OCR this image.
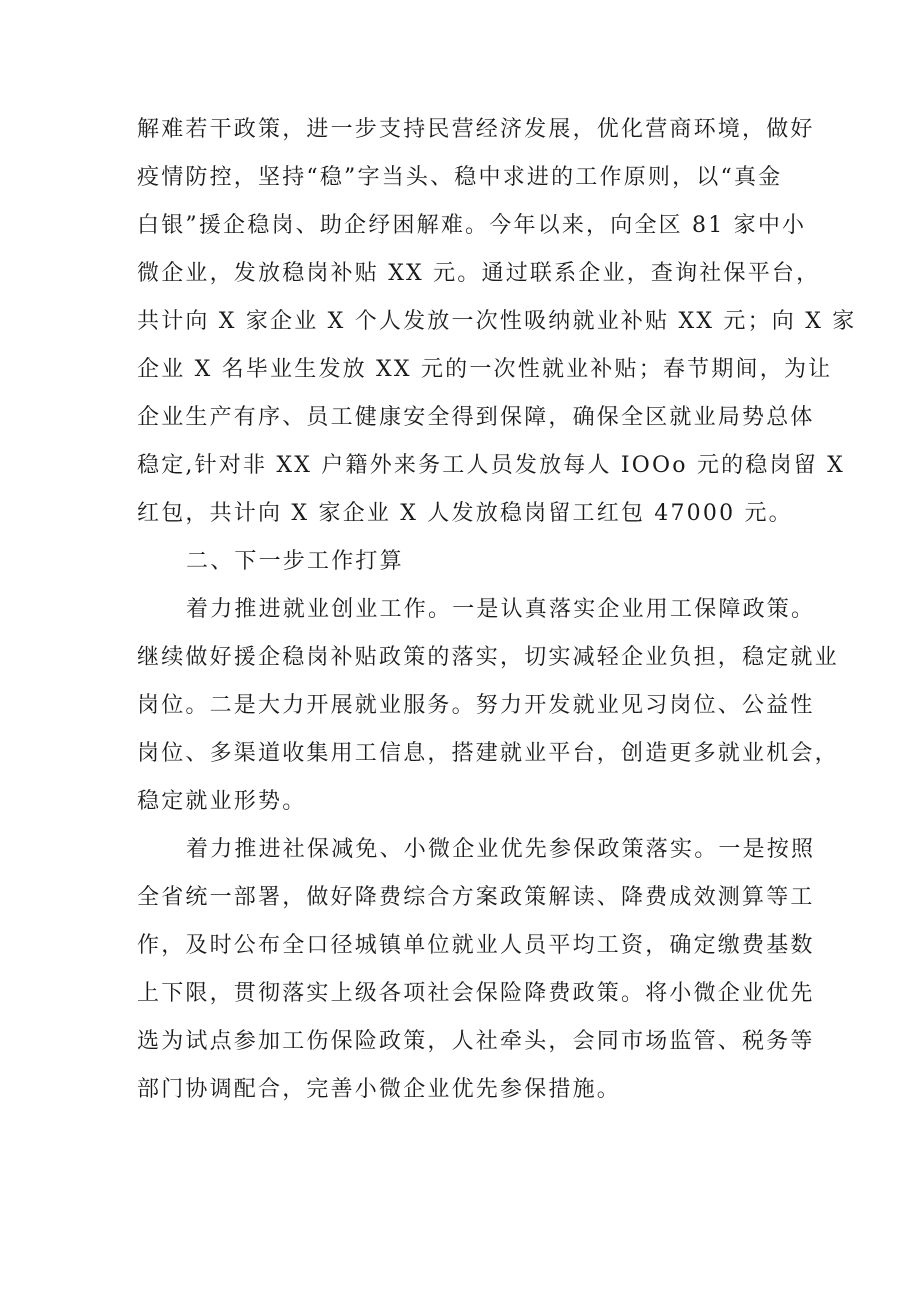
解难若干政策，进一步支持民营经济发展，优化营商环境，做好
疫情防控，坚持“稳”字当头、稳中求进的工作原则，以“真金
白银”援企稳岗、助企纾困解难。今年以来，向全区 81 家中小
微企业，发放稳岗补贴 XX 元。通过联系企业，查询社保平台，
共计向 X 家企业 X 个人发放一次性吸纳就业补贴 XX 元；向 X 家
企业 X 名毕业生发放 XX 元的一次性就业补贴；春节期间，为让
企业生产有序、员工健康安全得到保障，确保全区就业局势总体
稳定,针对非 XX 户籍外来务工人员发放每人 IOOo 元的稳岗留 X
红包，共计向 X 家企业 X 人发放稳岗留工红包 47000 元。
二、下一步工作打算
着力推进就业创业工作。一是认真落实企业用工保障政策。
继续做好援企稳岗补贴政策的落实，切实减轻企业负担，稳定就业
岗位。二是大力开展就业服务。努力开发就业见习岗位、公益性
岗位、多渠道收集用工信息，搭建就业平台，创造更多就业机会，
稳定就业形势。
着力推进社保减免、小微企业优先参保政策落实。一是按照
全省统一部署，做好降费综合方案政策解读、降费成效测算等工
作，及时公布全口径城镇单位就业人员平均工资，确定缴费基数
上下限，贯彻落实上级各项社会保险降费政策。将小微企业优先
选为试点参加工伤保险政策，人社牵头，会同市场监管、税务等
部门协调配合，完善小微企业优先参保措施。
